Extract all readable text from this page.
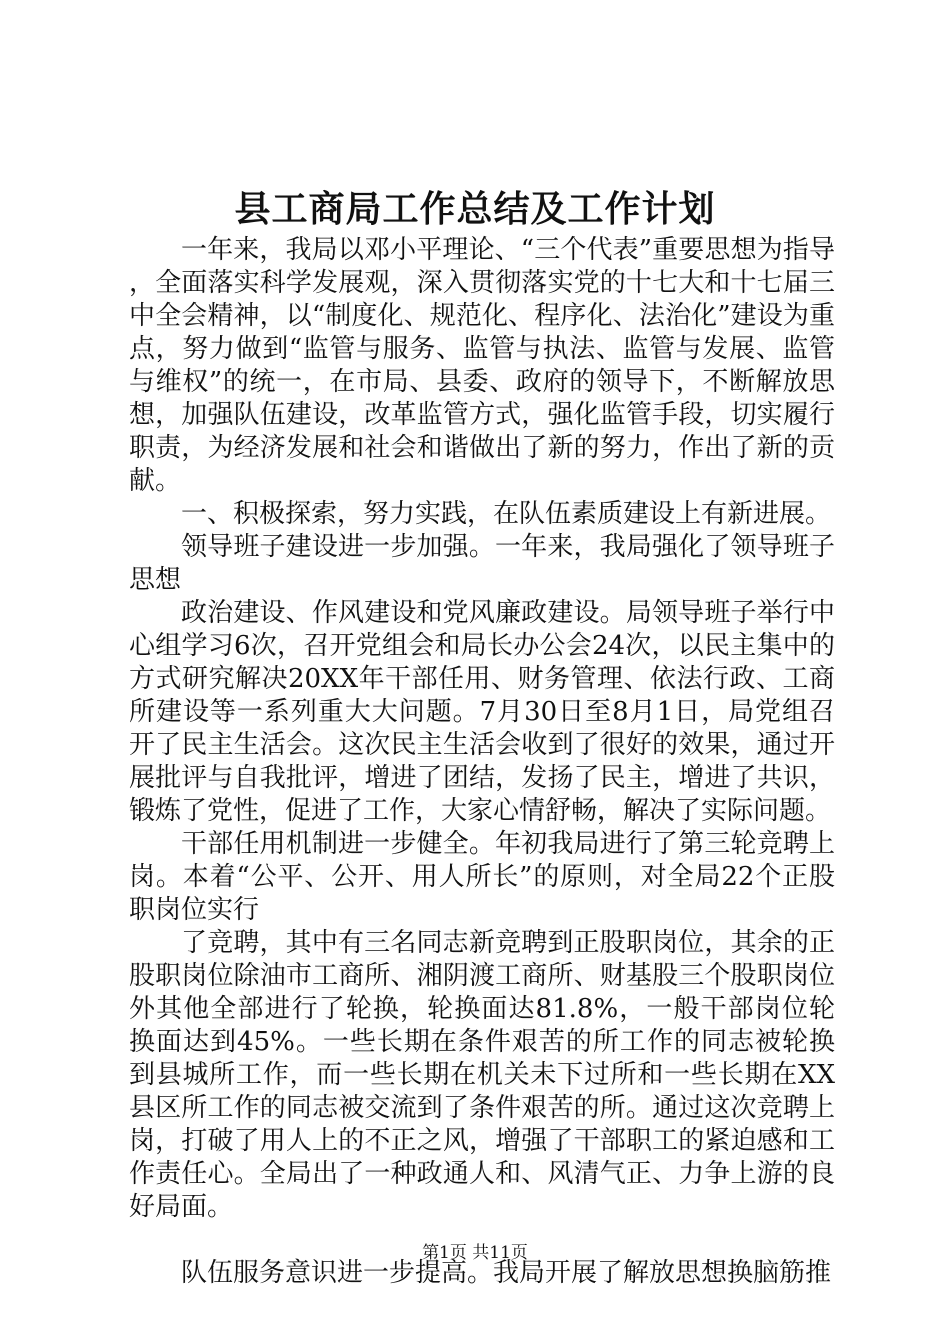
县工商局工作总结及工作计划

一年来，我局以邓小平理论、“三个代表”重要思想为指导，全面落实科学发展观，深入贯彻落实党的十七大和十七届三中全会精神，以“制度化、规范化、程序化、法治化”建设为重点，努力做到“监管与服务、监管与执法、监管与发展、监管与维权”的统一，在市局、县委、政府的领导下，不断解放思想，加强队伍建设，改革监管方式，强化监管手段，切实履行职责，为经济发展和社会和谐做出了新的努力，作出了新的贡献。

一、积极探索，努力实践，在队伍素质建设上有新进展。

领导班子建设进一步加强。一年来，我局强化了领导班子思想

政治建设、作风建设和党风廉政建设。局领导班子举行中心组学习6次，召开党组会和局长办公会24次，以民主集中的方式研究解决20XX年干部任用、财务管理、依法行政、工商所建设等一系列重大大问题。7月30日至8月1日，局党组召开了民主生活会。这次民主生活会收到了很好的效果，通过开展批评与自我批评，增进了团结，发扬了民主，增进了共识，锻炼了党性，促进了工作，大家心情舒畅，解决了实际问题。

干部任用机制进一步健全。年初我局进行了第三轮竞聘上岗。本着“公平、公开、用人所长”的原则，对全局22个正股职岗位实行

了竞聘，其中有三名同志新竞聘到正股职岗位，其余的正股职岗位除油市工商所、湘阴渡工商所、财基股三个股职岗位外其他全部进行了轮换，轮换面达81.8%，一般干部岗位轮换面达到45%。一些长期在条件艰苦的所工作的同志被轮换到县城所工作，而一些长期在机关未下过所和一些长期在XX县区所工作的同志被交流到了条件艰苦的所。通过这次竞聘上岗，打破了用人上的不正之风，增强了干部职工的紧迫感和工作责任心。全局出了一种政通人和、风清气正、力争上游的良好局面。

队伍服务意识进一步提高。我局开展了解放思想换脑筋推

第1页 共11页
